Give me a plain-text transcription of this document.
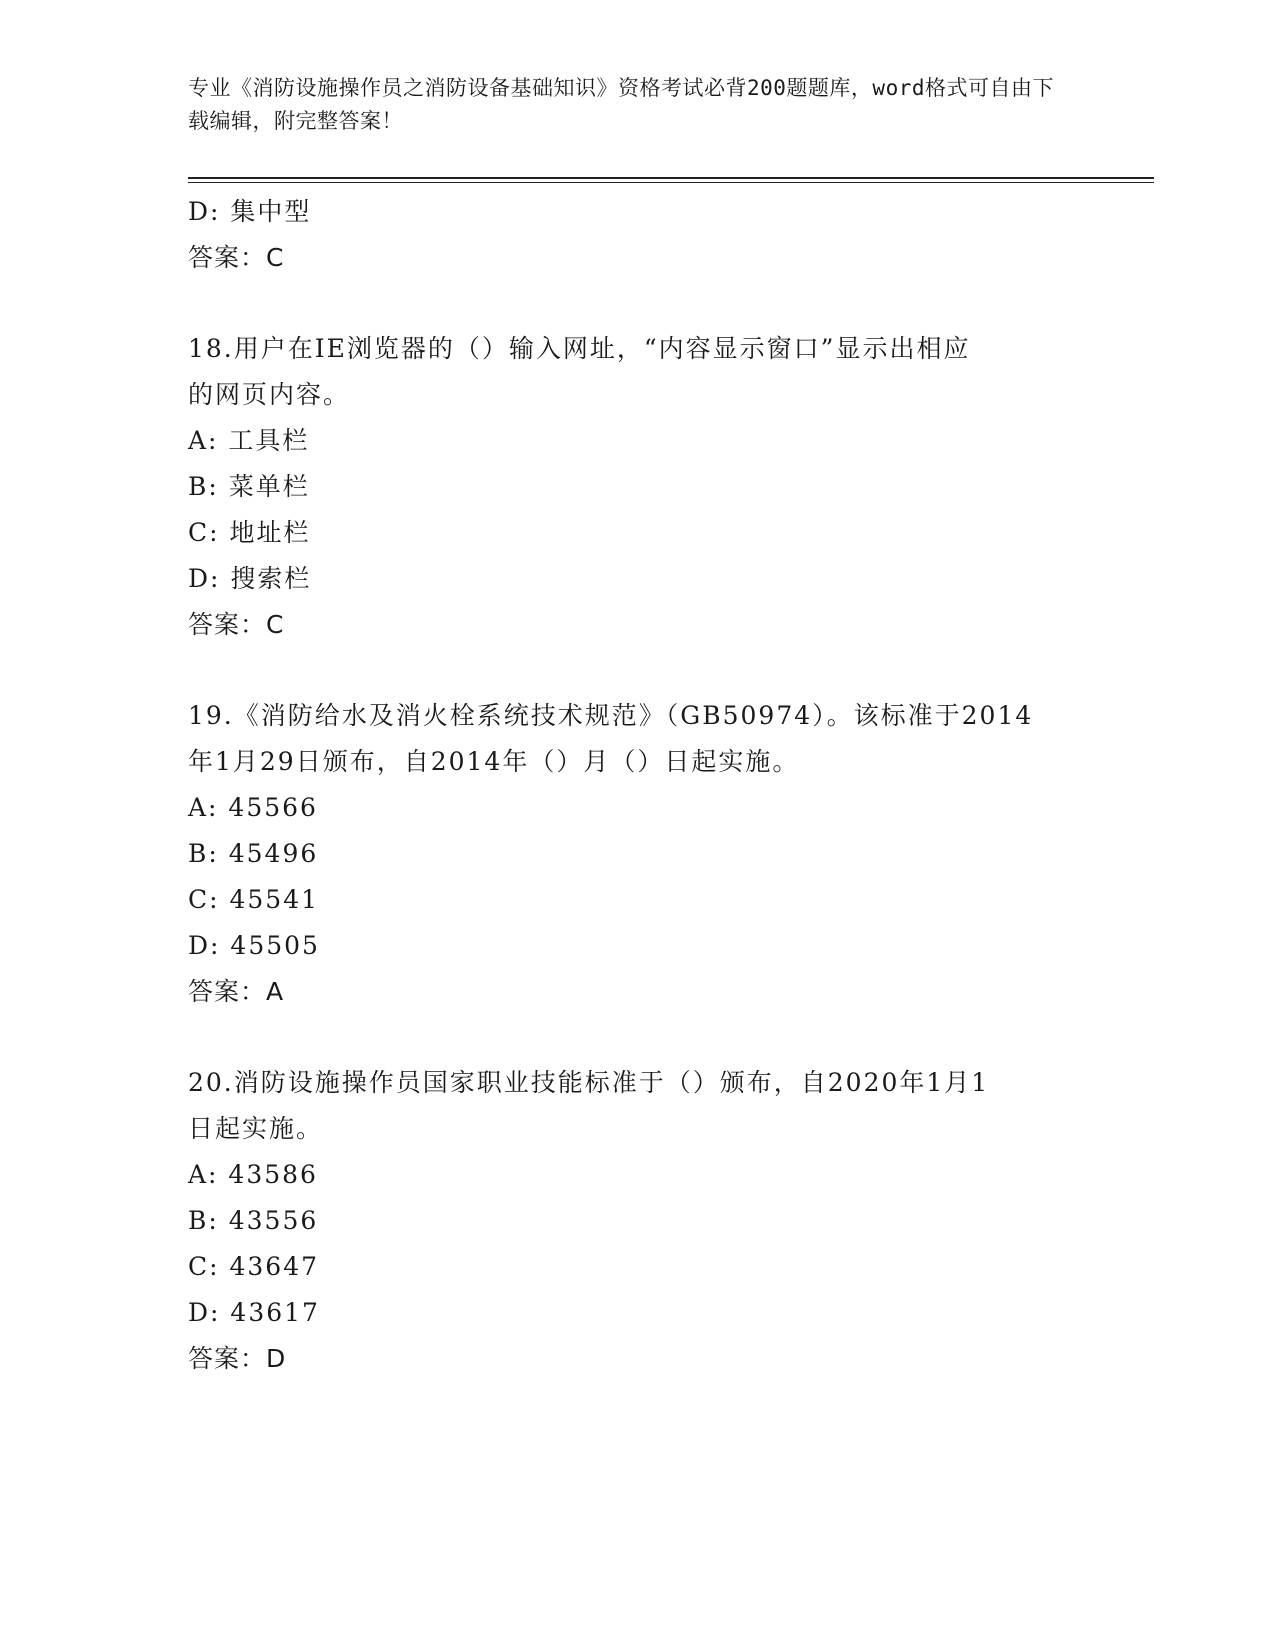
专业《消防设施操作员之消防设备基础知识》资格考试必背200题题库，word格式可自由下载编辑，附完整答案！
D: 集中型
答案：C
18.用户在IE浏览器的（）输入网址，“内容显示窗口”显示出相应
的网页内容。
A: 工具栏
B: 菜单栏
C: 地址栏
D: 搜索栏
答案：C
19.《消防给水及消火栓系统技术规范》（GB50974）。该标准于2014
年1月29日颁布，自2014年（）月（）日起实施。
A: 45566
B: 45496
C: 45541
D: 45505
答案：A
20.消防设施操作员国家职业技能标准于（）颁布，自2020年1月1
日起实施。
A: 43586
B: 43556
C: 43647
D: 43617
答案：D
